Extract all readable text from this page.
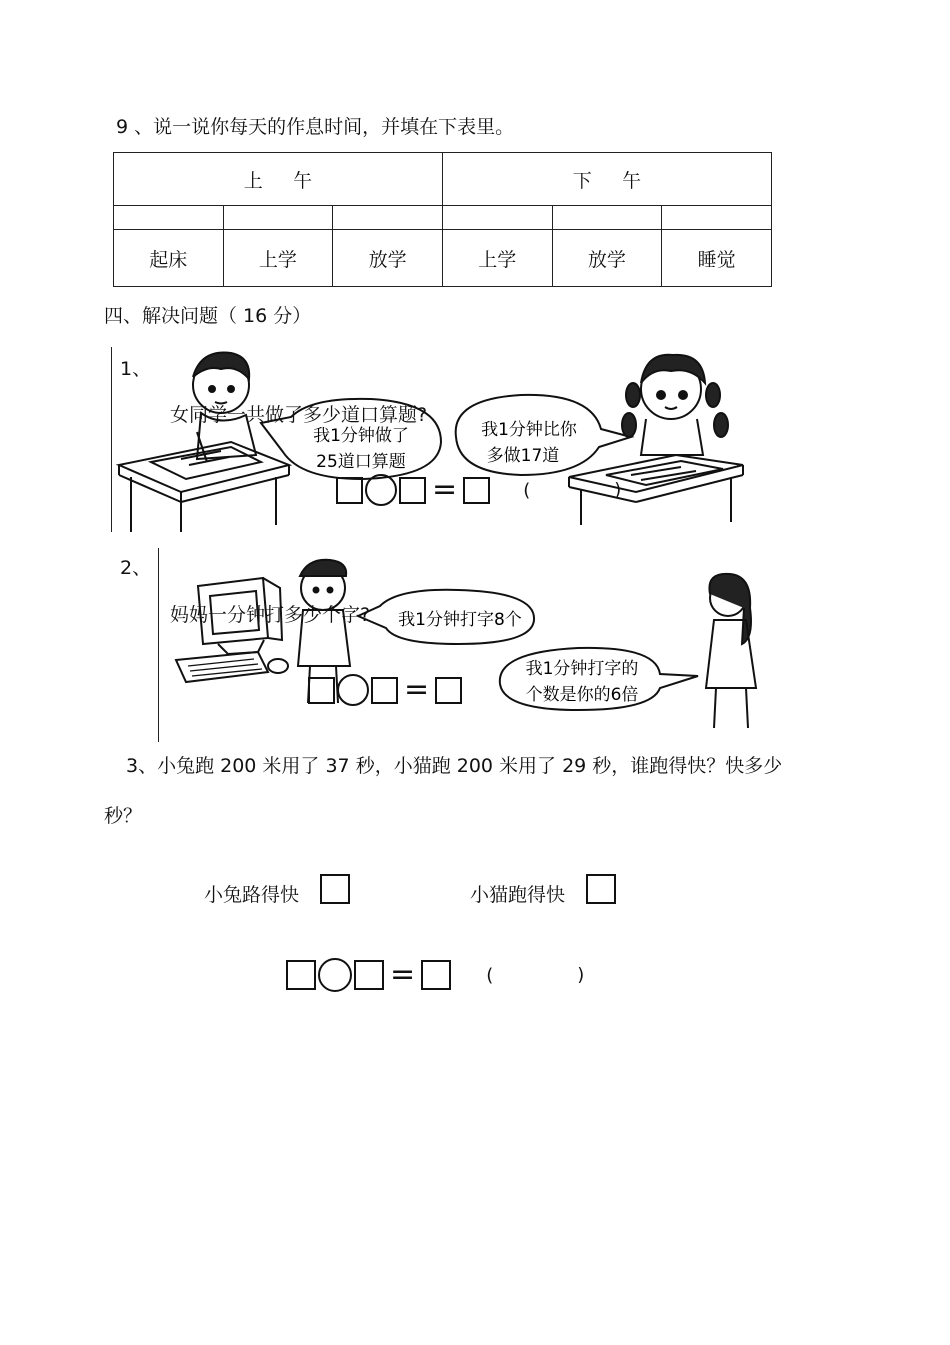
9 、说一说你每天的作息时间，并填在下表里。
上午			下午		

起床	上学	放学	上学	放学	睡觉
四、解决问题（ 16 分）
我1分钟做了
25道口算题
我1分钟比你
多做17道
1、
女同学一共做了多少道口算题?
=	(	)
我1分钟打字8个
我1分钟打字的
个数是你的6倍
2、
妈妈一分钟打多少个字?
=
3、小兔跑 200 米用了 37 秒，小猫跑 200 米用了 29 秒，谁跑得快？快多少
秒？
小兔路得快	小猫跑得快
=	(	)
